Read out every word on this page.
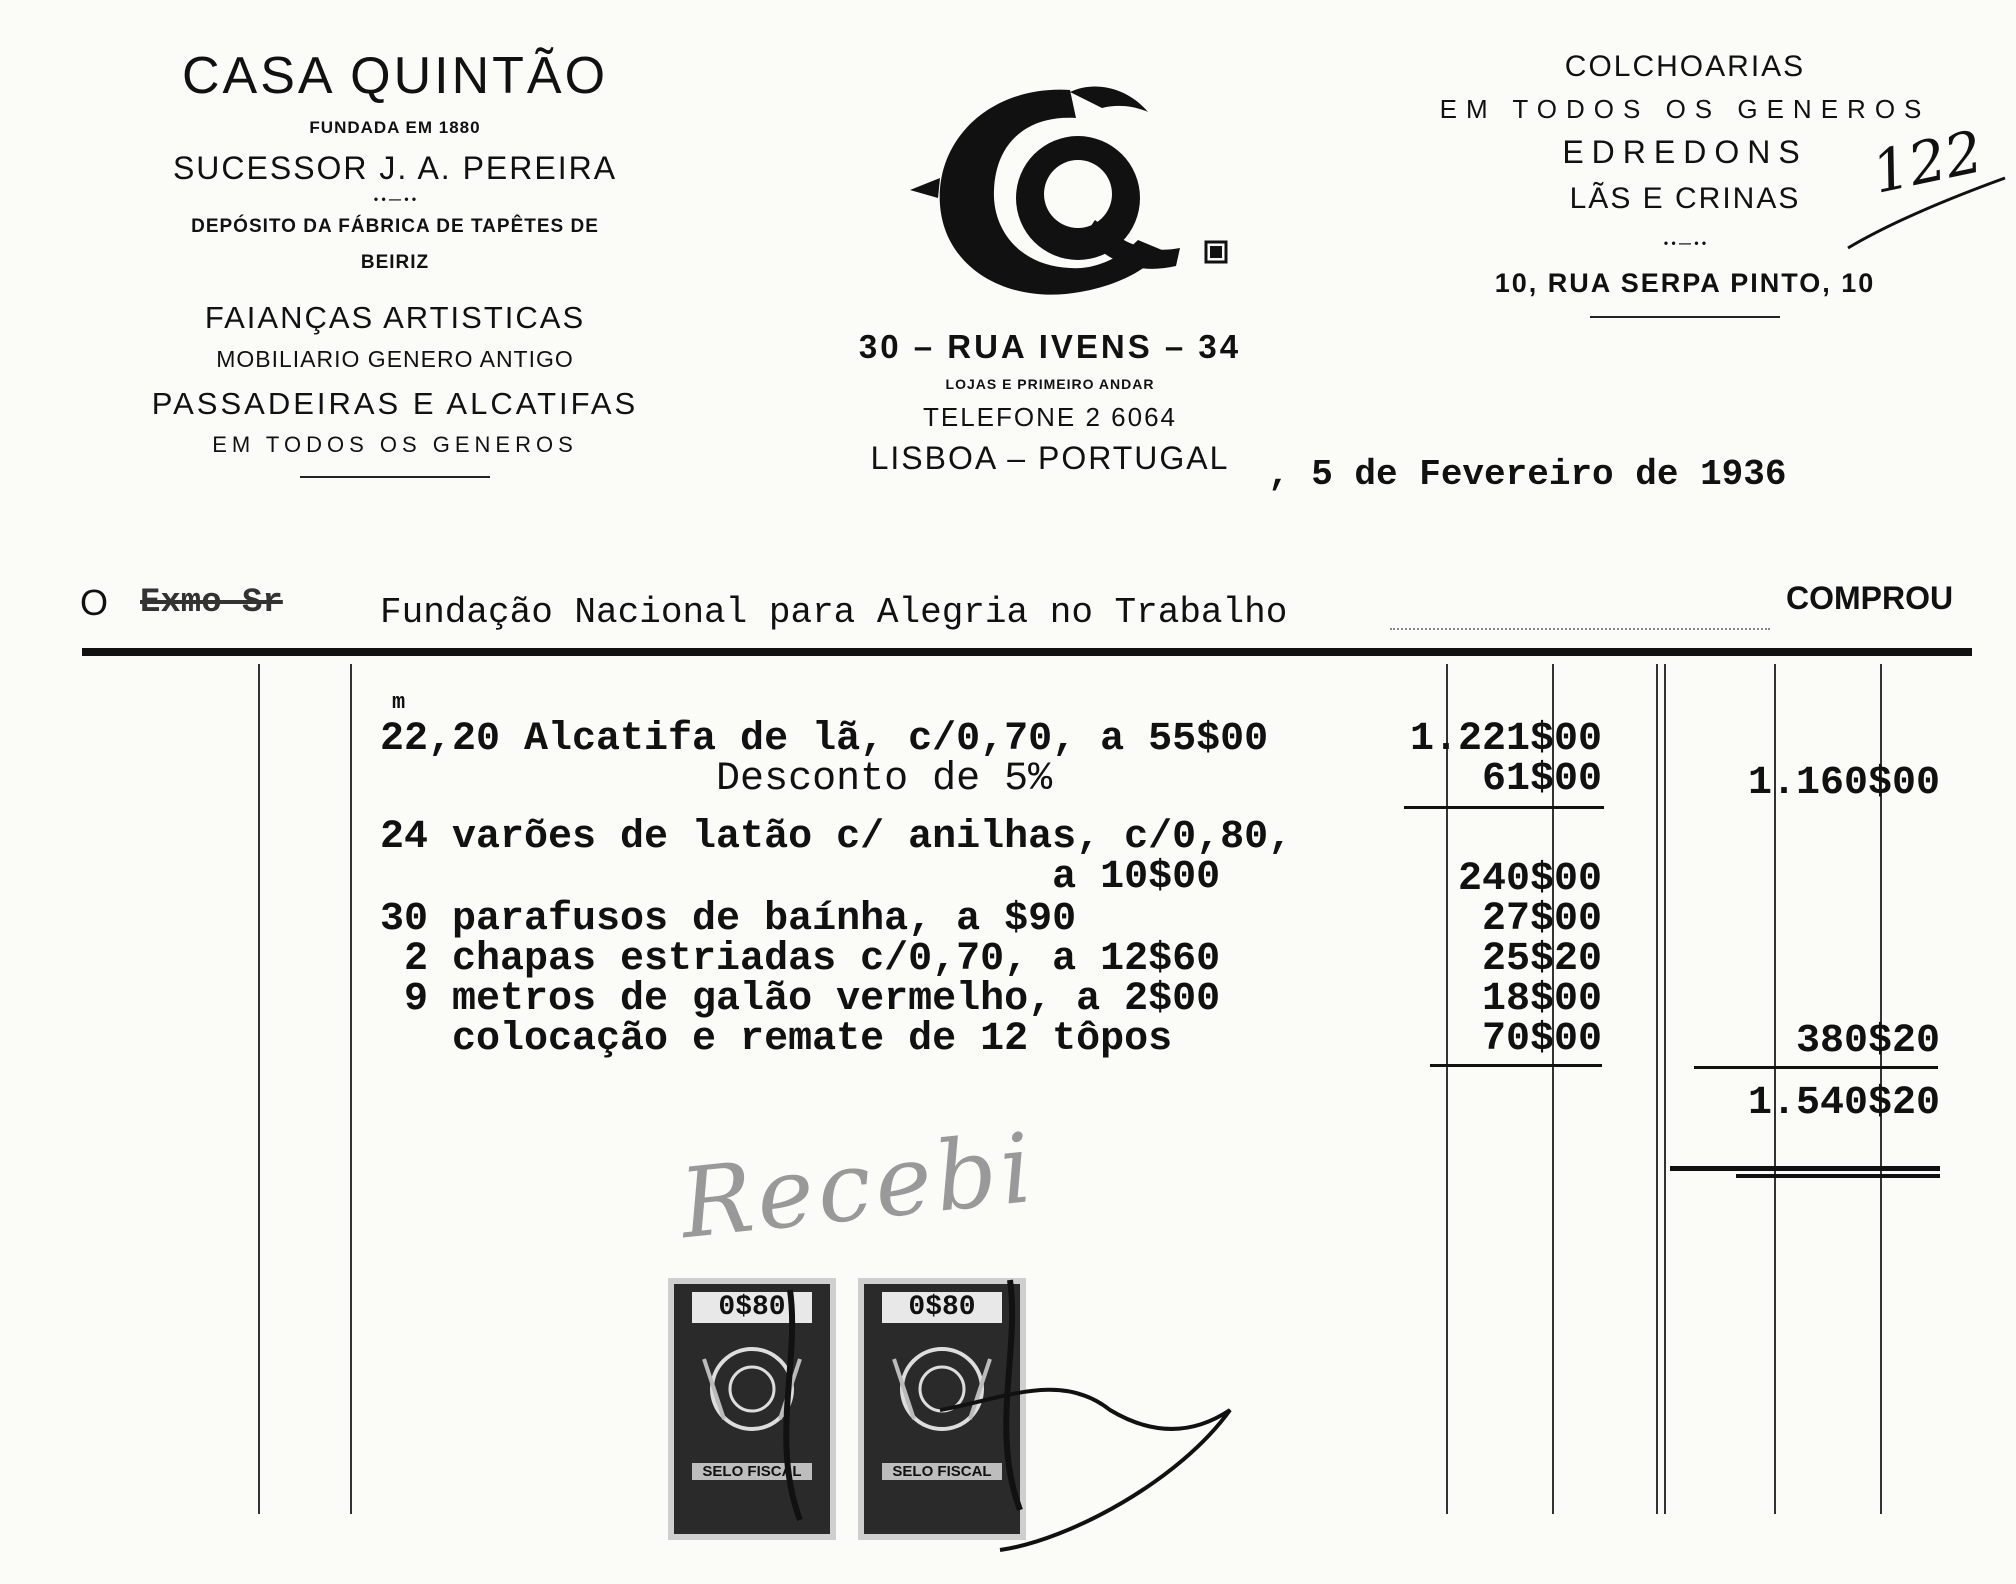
CASA QUINTÃO
FUNDADA EM 1880
SUCESSOR J. A. PEREIRA
• • — • •
DEPÓSITO DA FÁBRICA DE TAPÊTES DE
BEIRIZ
FAIANÇAS ARTISTICAS
MOBILIARIO GENERO ANTIGO
PASSADEIRAS E ALCATIFAS
EM TODOS OS GENEROS
30 – RUA IVENS – 34
LOJAS E PRIMEIRO ANDAR
TELEFONE 2 6064
LISBOA – PORTUGAL
COLCHOARIAS
EM TODOS OS GENEROS
EDREDONS
LÃS E CRINAS
• • — • •
10, RUA SERPA PINTO, 10
122
, 5 de Fevereiro de 1936
O Exmo Sr	Fundação Nacional para Alegria no Trabalho	COMPROU
m
22,20 Alcatifa de lã, c/0,70, a 55$00	1.221$00
Desconto de 5%	61$00	1.160$00
24 varões de latão c/ anilhas, c/0,80,
a 10$00	240$00
30 parafusos de baínha, a $90	27$00
2 chapas estriadas c/0,70, a 12$60	25$20
9 metros de galão vermelho, a 2$00	18$00
colocação e remate de 12 tôpos	70$00	380$20
1.540$20
Recebi
0$80
SELO FISCAL
0$80
SELO FISCAL
